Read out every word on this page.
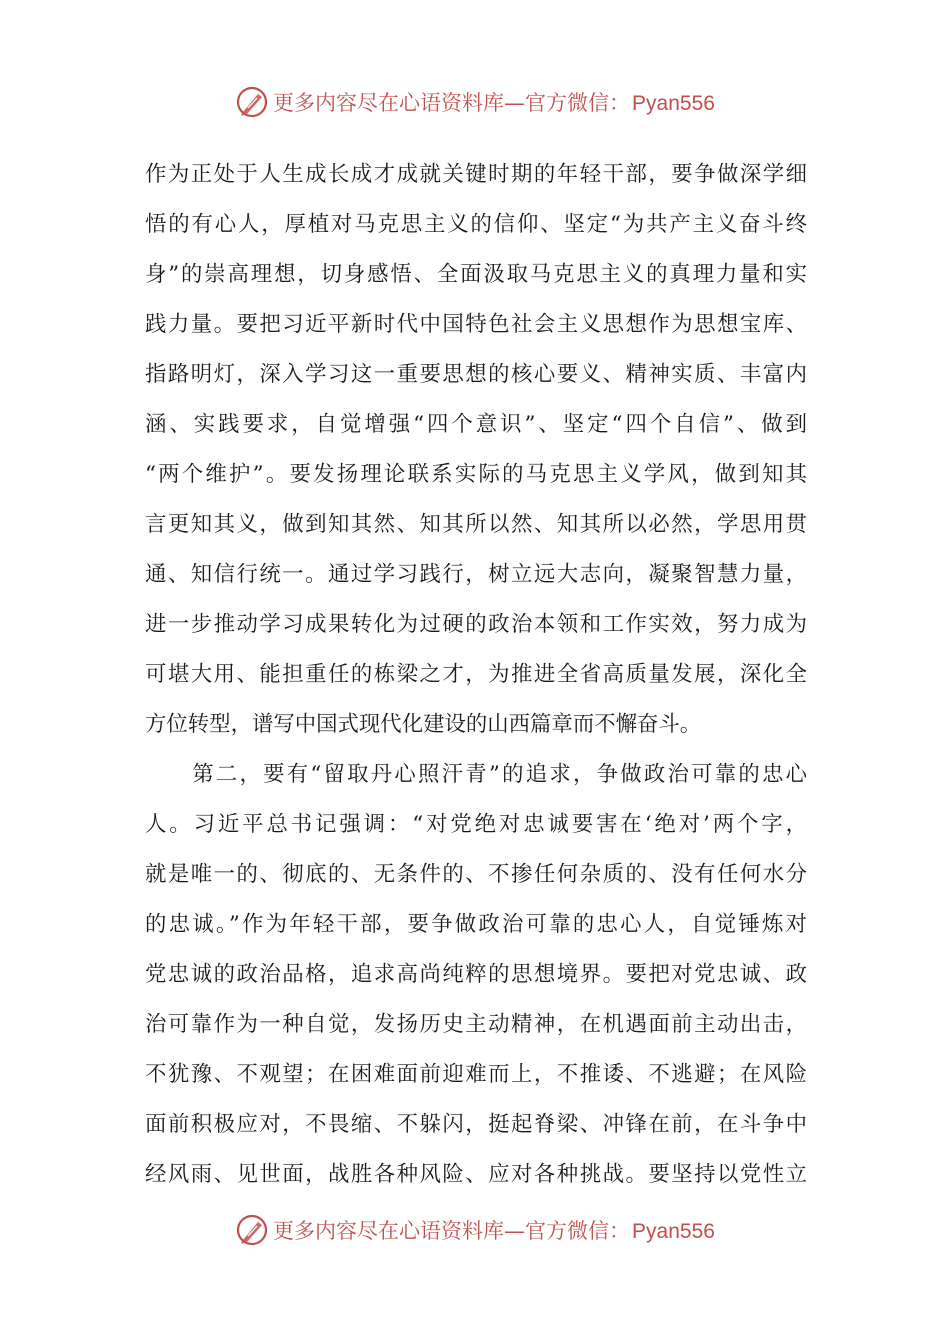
更多内容尽在心语资料库 — 官方微信： Pyan556
作为正处于人生成长成才成就关键时期的年轻干部，要争做深学细
悟的有心人，厚植对马克思主义的信仰、坚定“为共产主义奋斗终
身”的崇高理想，切身感悟、全面汲取马克思主义的真理力量和实
践力量。要把习近平新时代中国特色社会主义思想作为思想宝库、
指路明灯，深入学习这一重要思想的核心要义、精神实质、丰富内
涵、实践要求，自觉增强“四个意识”、坚定“四个自信”、做到
“两个维护”。要发扬理论联系实际的马克思主义学风，做到知其
言更知其义，做到知其然、知其所以然、知其所以必然，学思用贯
通、知信行统一。通过学习践行，树立远大志向，凝聚智慧力量，
进一步推动学习成果转化为过硬的政治本领和工作实效，努力成为
可堪大用、能担重任的栋梁之才，为推进全省高质量发展，深化全
方位转型，谱写中国式现代化建设的山西篇章而不懈奋斗。
　　第二，要有“留取丹心照汗青”的追求，争做政治可靠的忠心
人。习近平总书记强调：“对党绝对忠诚要害在‘绝对’两个字，
就是唯一的、彻底的、无条件的、不掺任何杂质的、没有任何水分
的忠诚。”作为年轻干部，要争做政治可靠的忠心人，自觉锤炼对
党忠诚的政治品格，追求高尚纯粹的思想境界。要把对党忠诚、政
治可靠作为一种自觉，发扬历史主动精神，在机遇面前主动出击，
不犹豫、不观望；在困难面前迎难而上，不推诿、不逃避；在风险
面前积极应对，不畏缩、不躲闪，挺起脊梁、冲锋在前，在斗争中
经风雨、见世面，战胜各种风险、应对各种挑战。要坚持以党性立
更多内容尽在心语资料库 — 官方微信： Pyan556
